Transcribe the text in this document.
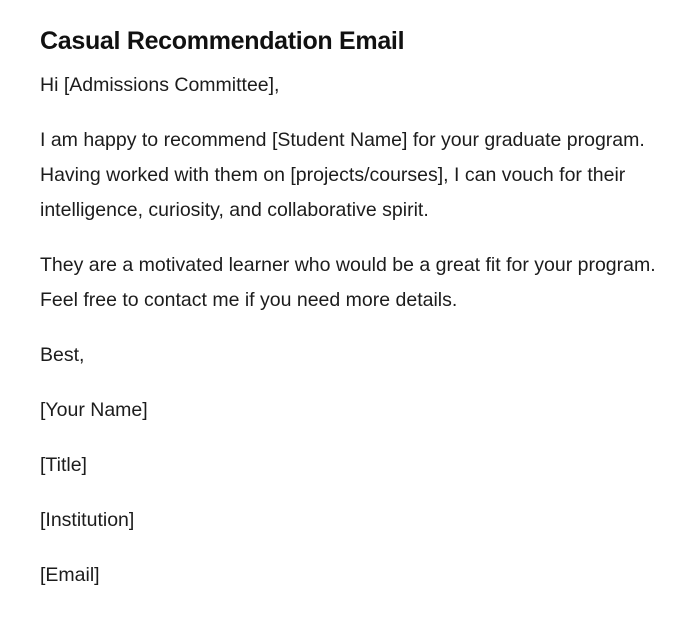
Casual Recommendation Email

Hi [Admissions Committee],

I am happy to recommend [Student Name] for your graduate program. Having worked with them on [projects/courses], I can vouch for their intelligence, curiosity, and collaborative spirit.

They are a motivated learner who would be a great fit for your program. Feel free to contact me if you need more details.

Best,

[Your Name]

[Title]

[Institution]

[Email]
